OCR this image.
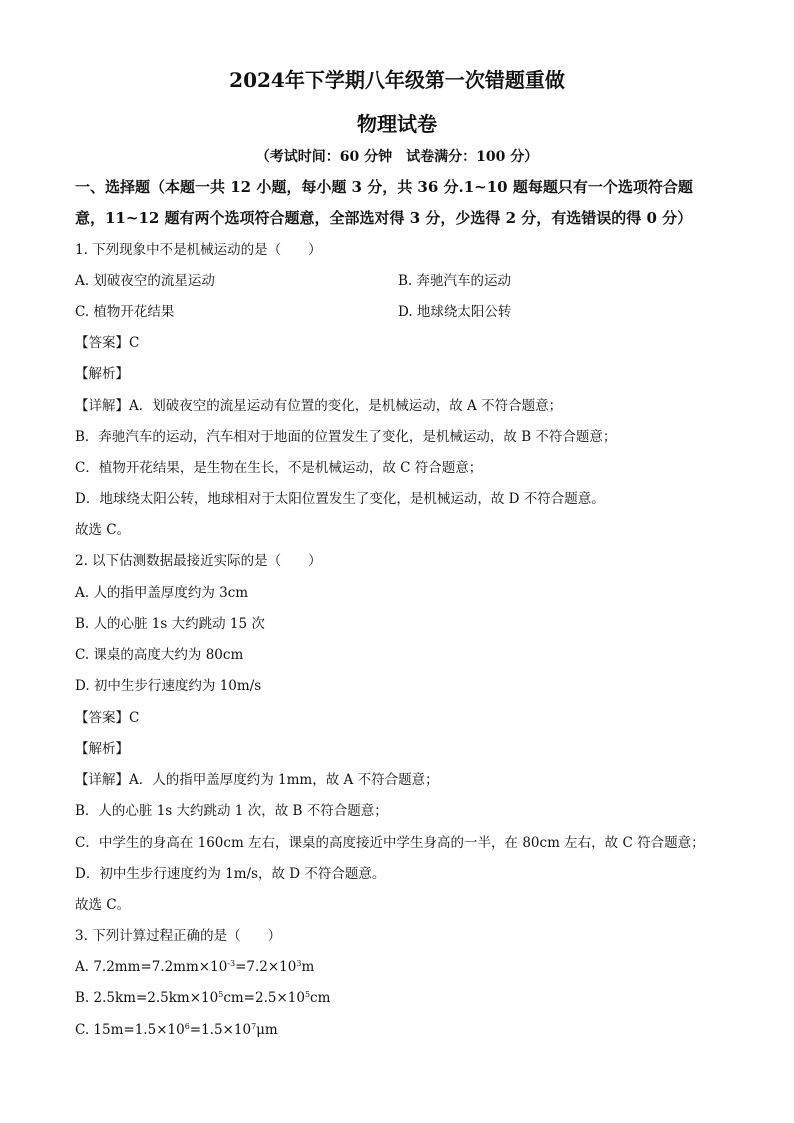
2024年下学期八年级第一次错题重做
物理试卷
（考试时间：60 分钟　试卷满分：100 分）
一、选择题（本题一共 12 小题，每小题 3 分，共 36 分.1~10 题每题只有一个选项符合题
意，11~12 题有两个选项符合题意，全部选对得 3 分，少选得 2 分，有选错误的得 0 分）
1. 下列现象中不是机械运动的是（　　）
A. 划破夜空的流星运动	B. 奔驰汽车的运动
C. 植物开花结果	D. 地球绕太阳公转
【答案】C
【解析】
【详解】A．划破夜空的流星运动有位置的变化，是机械运动，故 A 不符合题意；
B．奔驰汽车的运动，汽车相对于地面的位置发生了变化，是机械运动，故 B 不符合题意；
C．植物开花结果，是生物在生长，不是机械运动，故 C 符合题意；
D．地球绕太阳公转，地球相对于太阳位置发生了变化，是机械运动，故 D 不符合题意。
故选 C。
2. 以下估测数据最接近实际的是（　　）
A. 人的指甲盖厚度约为 3cm
B. 人的心脏 1s 大约跳动 15 次
C. 课桌的高度大约为 80cm
D. 初中生步行速度约为 10m/s
【答案】C
【解析】
【详解】A．人的指甲盖厚度约为 1mm，故 A 不符合题意；
B．人的心脏 1s 大约跳动 1 次，故 B 不符合题意；
C．中学生的身高在 160cm 左右，课桌的高度接近中学生身高的一半，在 80cm 左右，故 C 符合题意；
D．初中生步行速度约为 1m/s，故 D 不符合题意。
故选 C。
3. 下列计算过程正确的是（　　）
A. $7.2mm=7.2mm\times 10^{-3}=7.2\times 10^3m$
B. $2.5km=2.5km\times 10^5cm=2.5\times 10^5cm$
C. $15m=1.5\times 10^6=1.5\times 10^7\mu m$
